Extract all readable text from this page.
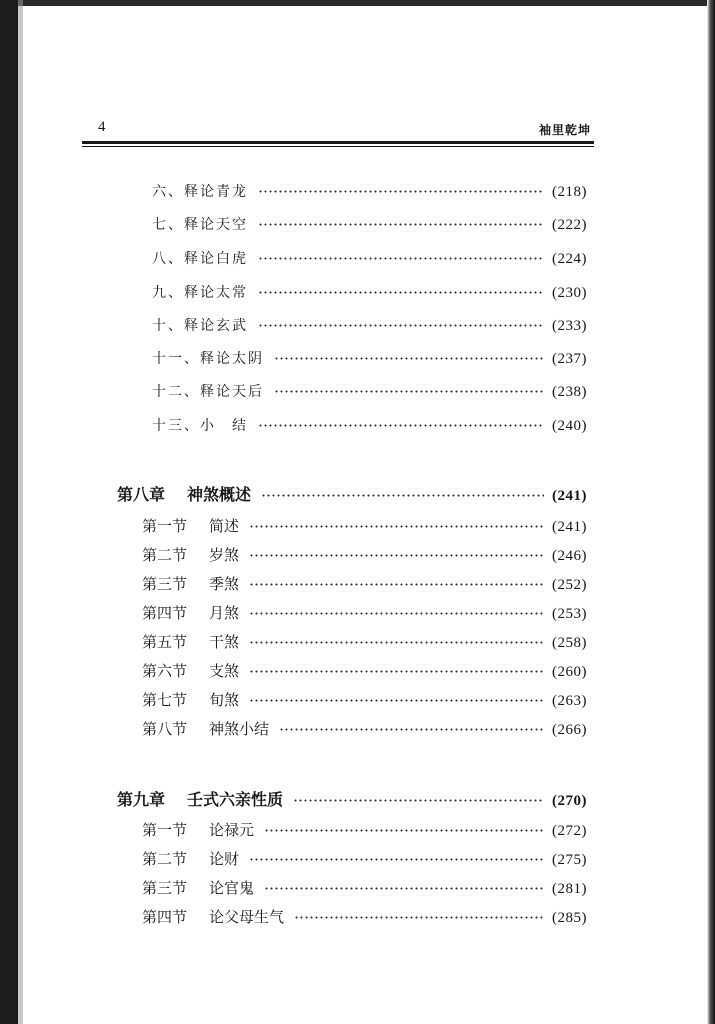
4	袖里乾坤
六、释论青龙	(218)
七、释论天空	(222)
八、释论白虎	(224)
九、释论太常	(230)
十、释论玄武	(233)
十一、释论太阴	(237)
十二、释论天后	(238)
十三、小　结	(240)
第八章 神煞概述	(241)
第一节 简述	(241)
第二节 岁煞	(246)
第三节 季煞	(252)
第四节 月煞	(253)
第五节 干煞	(258)
第六节 支煞	(260)
第七节 旬煞	(263)
第八节 神煞小结	(266)
第九章 壬式六亲性质	(270)
第一节 论禄元	(272)
第二节 论财	(275)
第三节 论官鬼	(281)
第四节 论父母生气	(285)
